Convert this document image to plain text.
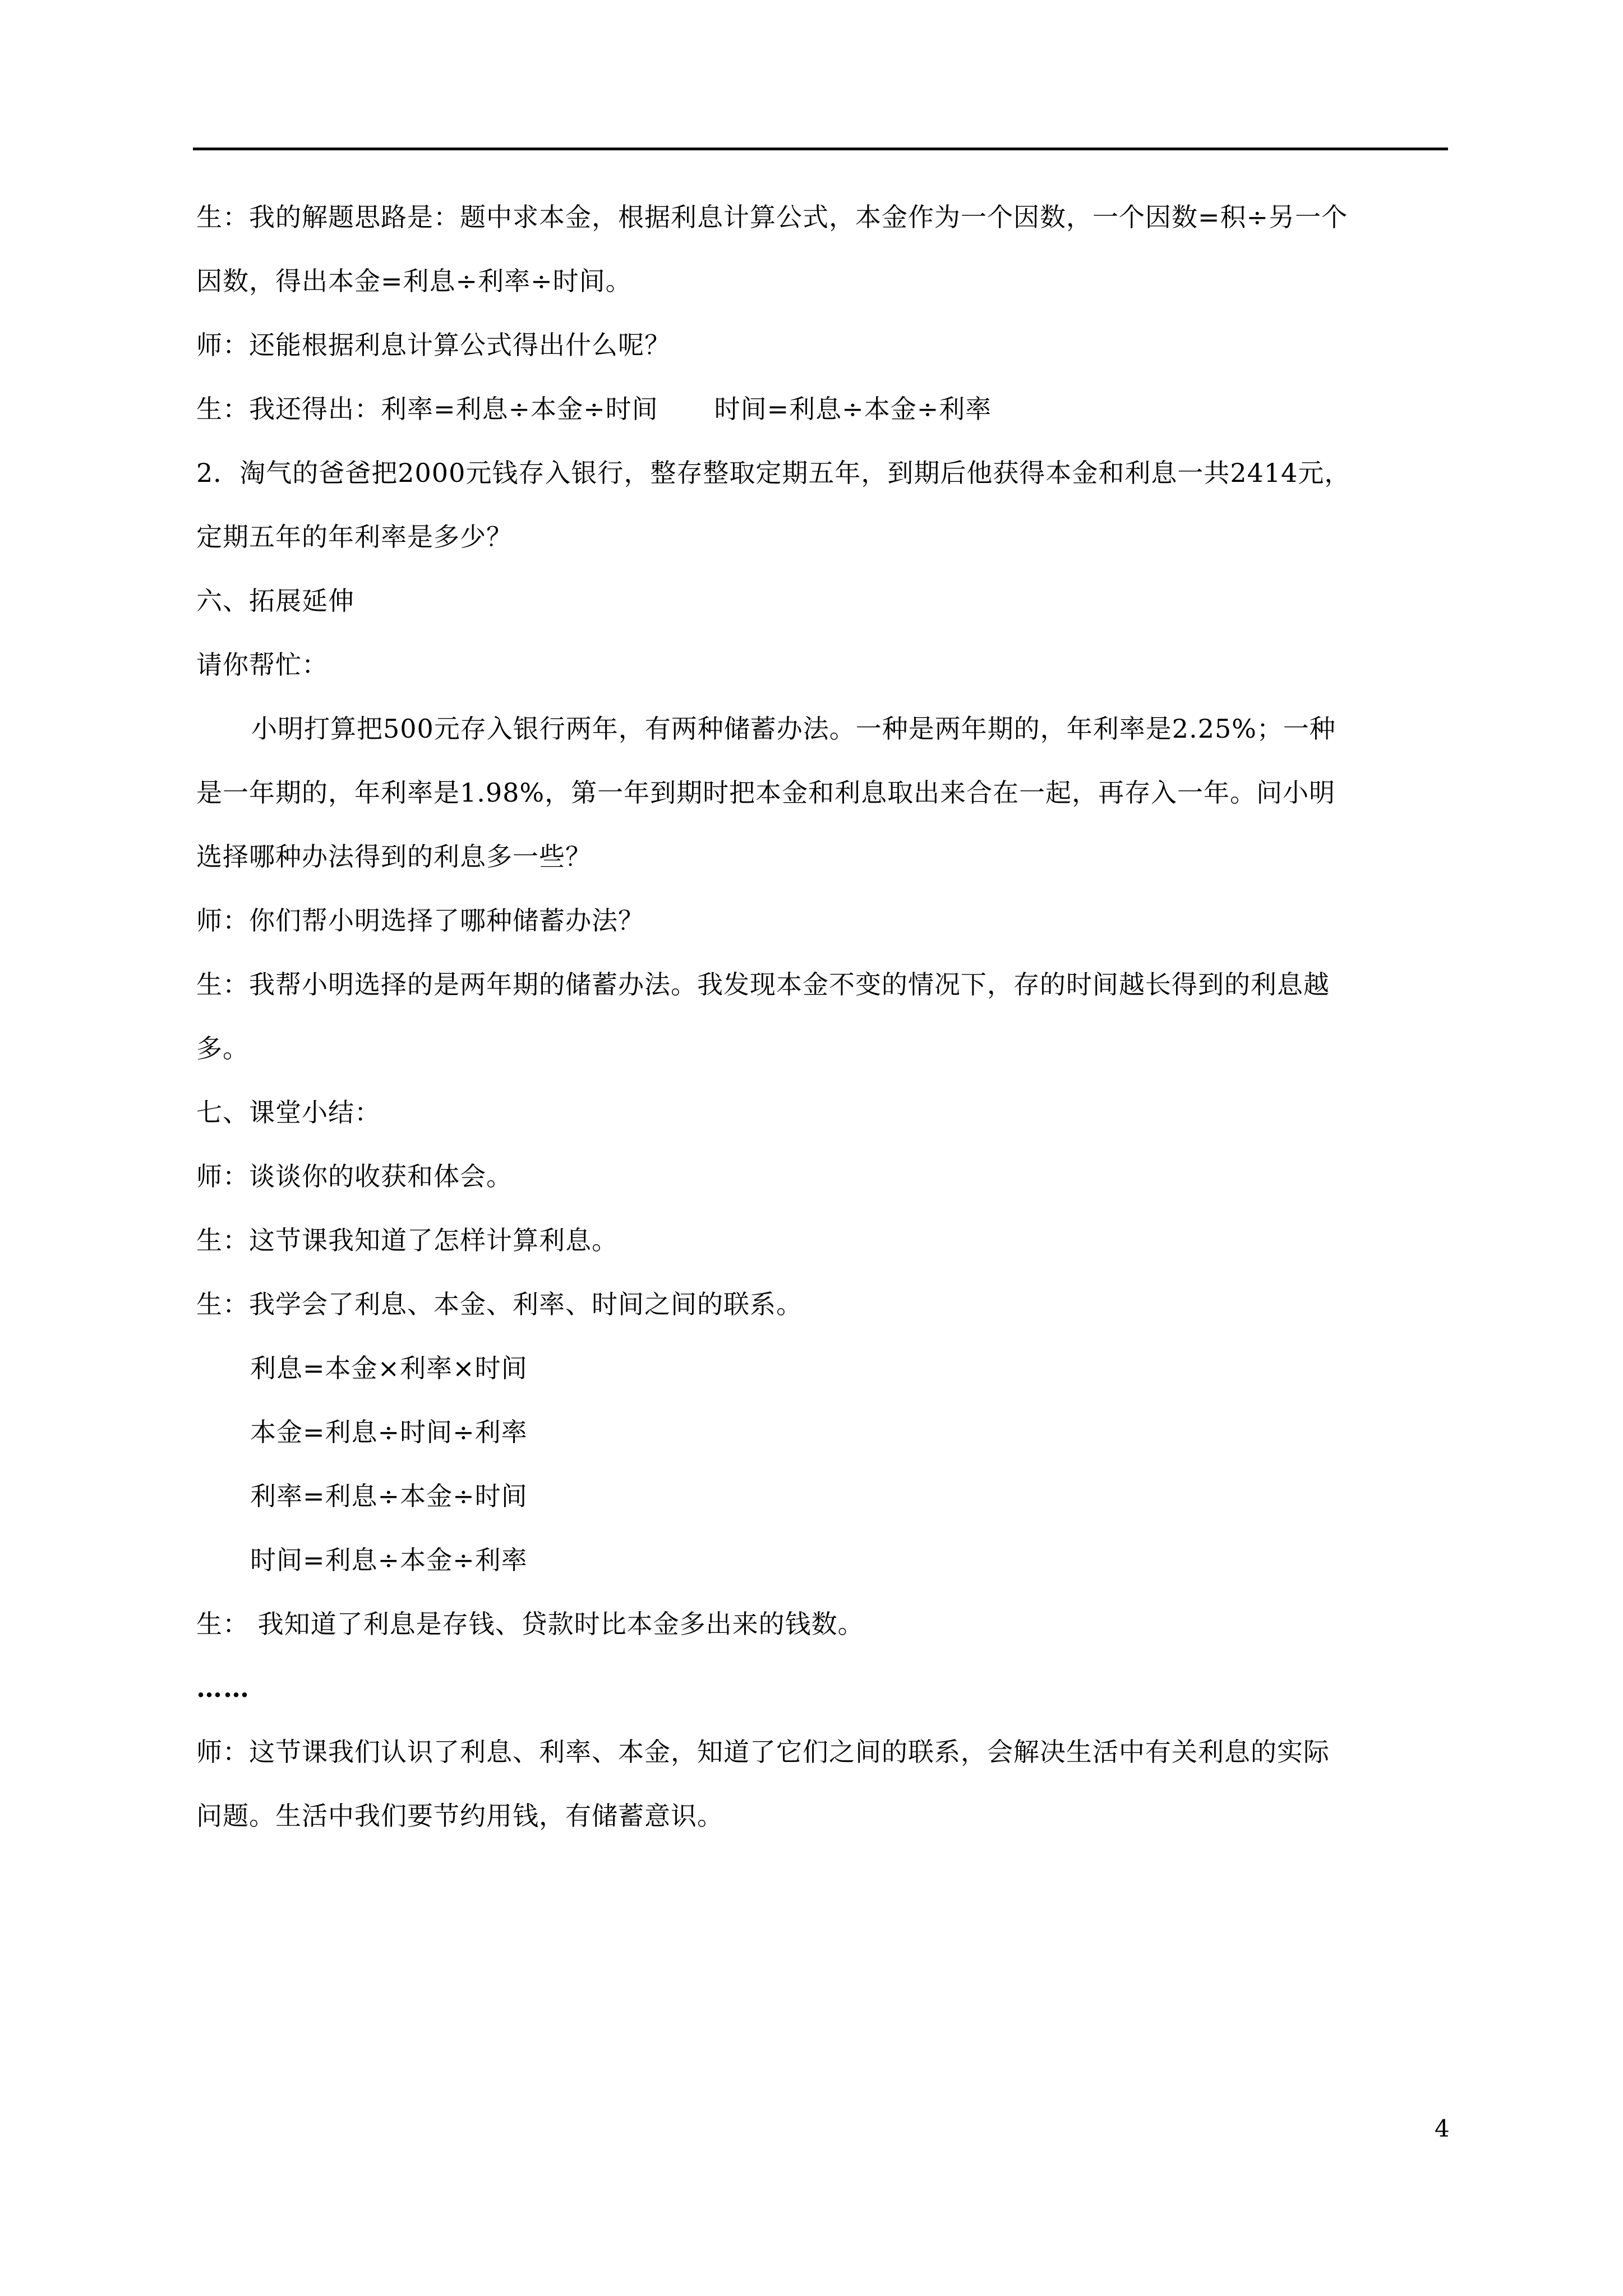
生：我的解题思路是：题中求本金，根据利息计算公式，本金作为一个因数，一个因数=积÷另一个
因数，得出本金=利息÷利率÷时间。
师：还能根据利息计算公式得出什么呢？
生：我还得出：利率=利息÷本金÷时间 时间=利息÷本金÷利率
2．淘气的爸爸把2000元钱存入银行，整存整取定期五年，到期后他获得本金和利息一共2414元，
定期五年的年利率是多少？
六、拓展延伸
请你帮忙：
小明打算把500元存入银行两年，有两种储蓄办法。一种是两年期的，年利率是2.25%；一种
是一年期的，年利率是1.98%，第一年到期时把本金和利息取出来合在一起，再存入一年。问小明
选择哪种办法得到的利息多一些？
师：你们帮小明选择了哪种储蓄办法？
生：我帮小明选择的是两年期的储蓄办法。我发现本金不变的情况下，存的时间越长得到的利息越
多。
七、课堂小结：
师：谈谈你的收获和体会。
生：这节课我知道了怎样计算利息。
生：我学会了利息、本金、利率、时间之间的联系。
利息=本金×利率×时间
本金=利息÷时间÷利率
利率=利息÷本金÷时间
时间=利息÷本金÷利率
生： 我知道了利息是存钱、贷款时比本金多出来的钱数。
……
师：这节课我们认识了利息、利率、本金，知道了它们之间的联系，会解决生活中有关利息的实际
问题。生活中我们要节约用钱，有储蓄意识。
4
